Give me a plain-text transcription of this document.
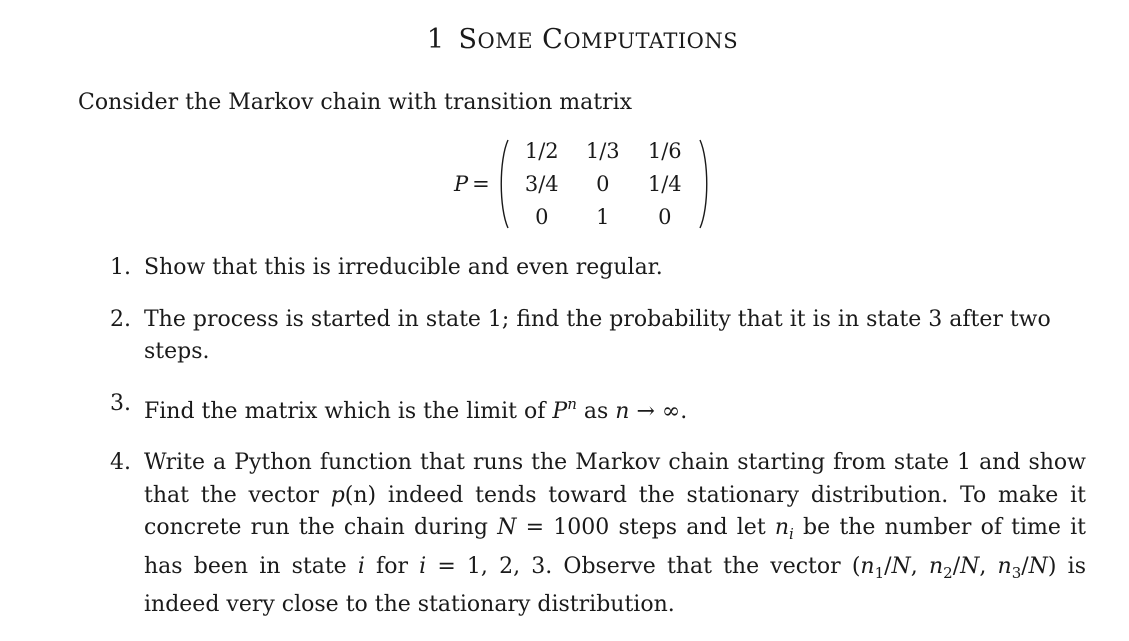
1 SOME COMPUTATIONS
Consider the Markov chain with transition matrix
P =
1/2 1/3 1/6
3/4 0 1/4
0 1 0
1. Show that this is irreducible and even regular.
2. The process is started in state 1; find the probability that it is in state 3 after two steps.
3. Find the matrix which is the limit of $P^n$ as n → ∞.
4. Write a Python function that runs the Markov chain starting from state 1 and show that the vector p(n) indeed tends toward the stationary distribution. To make it concrete run the chain during N = 1000 steps and let $n_i$ be the number of time it has been in state i for i = 1, 2, 3. Observe that the vector ($n_1/N$, $n_2/N$, $n_3/N$) is indeed very close to the stationary distribution.
